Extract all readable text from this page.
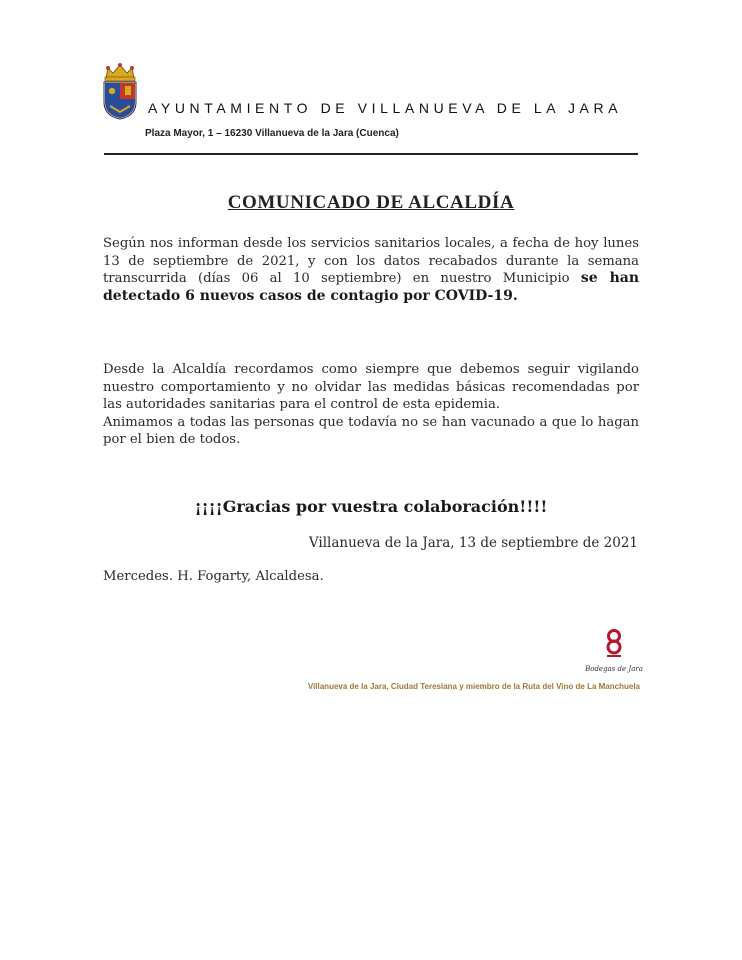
AYUNTAMIENTO DE VILLANUEVA DE LA JARA
Plaza Mayor, 1 – 16230 Villanueva de la Jara (Cuenca)
COMUNICADO DE ALCALDÍA
Según nos informan desde los servicios sanitarios locales, a fecha de hoy lunes 13 de septiembre de 2021, y con los datos recabados durante la semana transcurrida (días 06 al 10 septiembre) en nuestro Municipio se han detectado 6 nuevos casos de contagio por COVID-19.
Desde la Alcaldía recordamos como siempre que debemos seguir vigilando nuestro comportamiento y no olvidar las medidas básicas recomendadas por las autoridades sanitarias para el control de esta epidemia.
Animamos a todas las personas que todavía no se han vacunado a que lo hagan por el bien de todos.
¡¡¡¡Gracias por vuestra colaboración!!!!
Villanueva de la Jara, 13 de septiembre de 2021
Mercedes. H. Fogarty, Alcaldesa.
Bodegas de Jara
Villanueva de la Jara, Ciudad Teresiana y miembro de la Ruta del Vino de La Manchuela
